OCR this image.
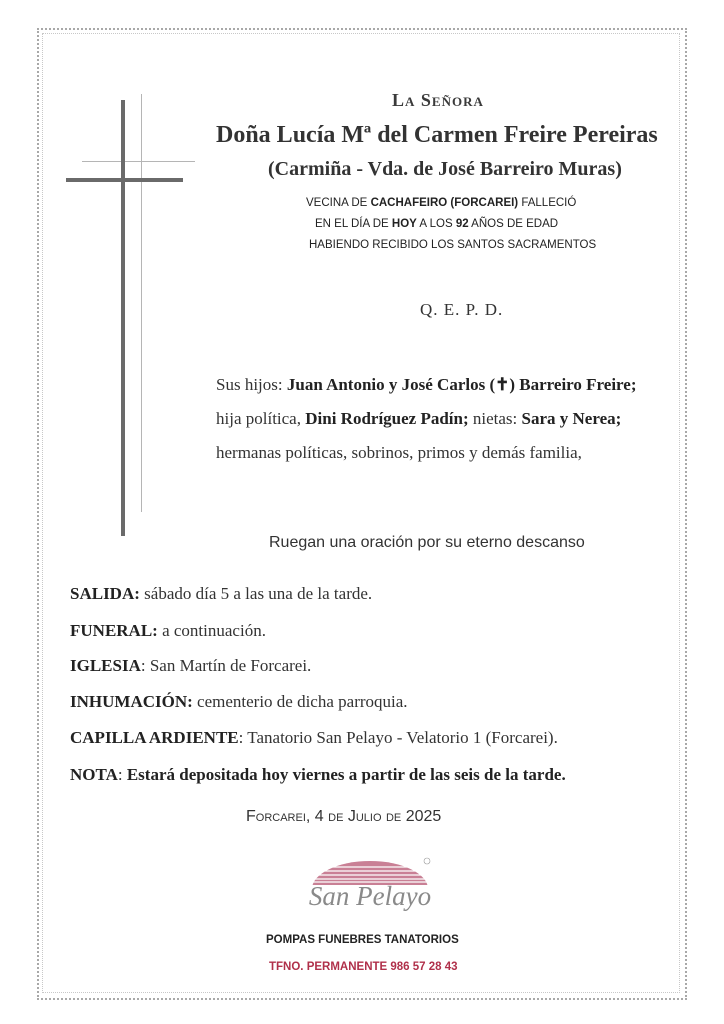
La Señora
Doña Lucía Mª del Carmen Freire Pereiras
(Carmiña - Vda. de José Barreiro Muras)
VECINA DE CACHAFEIRO (FORCAREI) FALLECIÓ
EN EL DÍA DE HOY A LOS 92 AÑOS DE EDAD
HABIENDO RECIBIDO LOS SANTOS SACRAMENTOS
Q. E. P. D.
Sus hijos: Juan Antonio y José Carlos (✝) Barreiro Freire;
hija política, Dini Rodríguez Padín; nietas: Sara y Nerea;
hermanas políticas, sobrinos, primos y demás familia,
Ruegan una oración por su eterno descanso
SALIDA: sábado día 5 a las una de la tarde.
FUNERAL: a continuación.
IGLESIA: San Martín de Forcarei.
INHUMACIÓN: cementerio de dicha parroquia.
CAPILLA ARDIENTE: Tanatorio San Pelayo - Velatorio 1 (Forcarei).
NOTA: Estará depositada hoy viernes a partir de las seis de la tarde.
Forcarei, 4 de Julio de 2025
San Pelayo
POMPAS FUNEBRES TANATORIOS
TFNO. PERMANENTE 986 57 28 43
